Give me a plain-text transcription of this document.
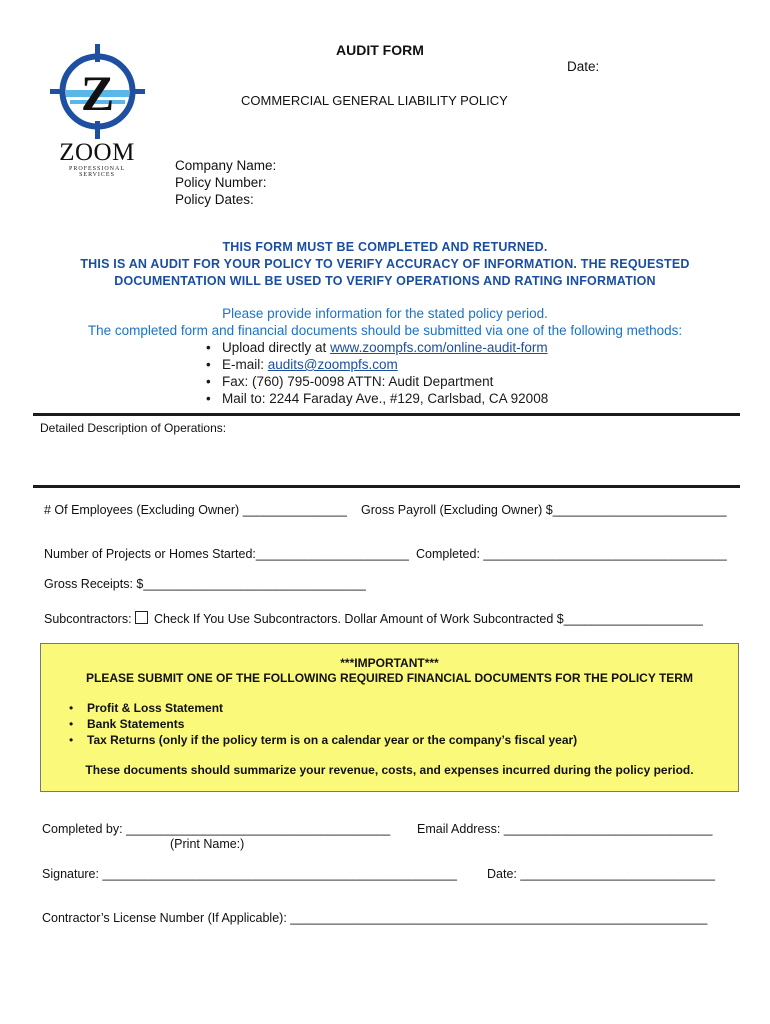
Z
ZOOM
PROFESSIONAL SERVICES
AUDIT FORM
Date:
COMMERCIAL GENERAL LIABILITY POLICY
Company Name:
Policy Number:
Policy Dates:
THIS FORM MUST BE COMPLETED AND RETURNED.
THIS IS AN AUDIT FOR YOUR POLICY TO VERIFY ACCURACY OF INFORMATION. THE REQUESTED
DOCUMENTATION WILL BE USED TO VERIFY OPERATIONS AND RATING INFORMATION
Please provide information for the stated policy period.
The completed form and financial documents should be submitted via one of the following methods:
• Upload directly at www.zoompfs.com/online-audit-form
• E-mail: audits@zoompfs.com
• Fax: (760) 795-0098 ATTN: Audit Department
• Mail to: 2244 Faraday Ave., #129, Carlsbad, CA 92008
Detailed Description of Operations:
# Of Employees (Excluding Owner) _______________ Gross Payroll (Excluding Owner) $_________________________
Number of Projects or Homes Started:______________________ Completed: ___________________________________
Gross Receipts: $________________________________
Subcontractors: Check If You Use Subcontractors. Dollar Amount of Work Subcontracted $____________________
***IMPORTANT***
PLEASE SUBMIT ONE OF THE FOLLOWING REQUIRED FINANCIAL DOCUMENTS FOR THE POLICY TERM
• Profit & Loss Statement
• Bank Statements
• Tax Returns (only if the policy term is on a calendar year or the company’s fiscal year)
These documents should summarize your revenue, costs, and expenses incurred during the policy period.
Completed by: ______________________________________ Email Address: ______________________________
(Print Name:)
Signature: ___________________________________________________ Date: ____________________________
Contractor’s License Number (If Applicable): ____________________________________________________________
